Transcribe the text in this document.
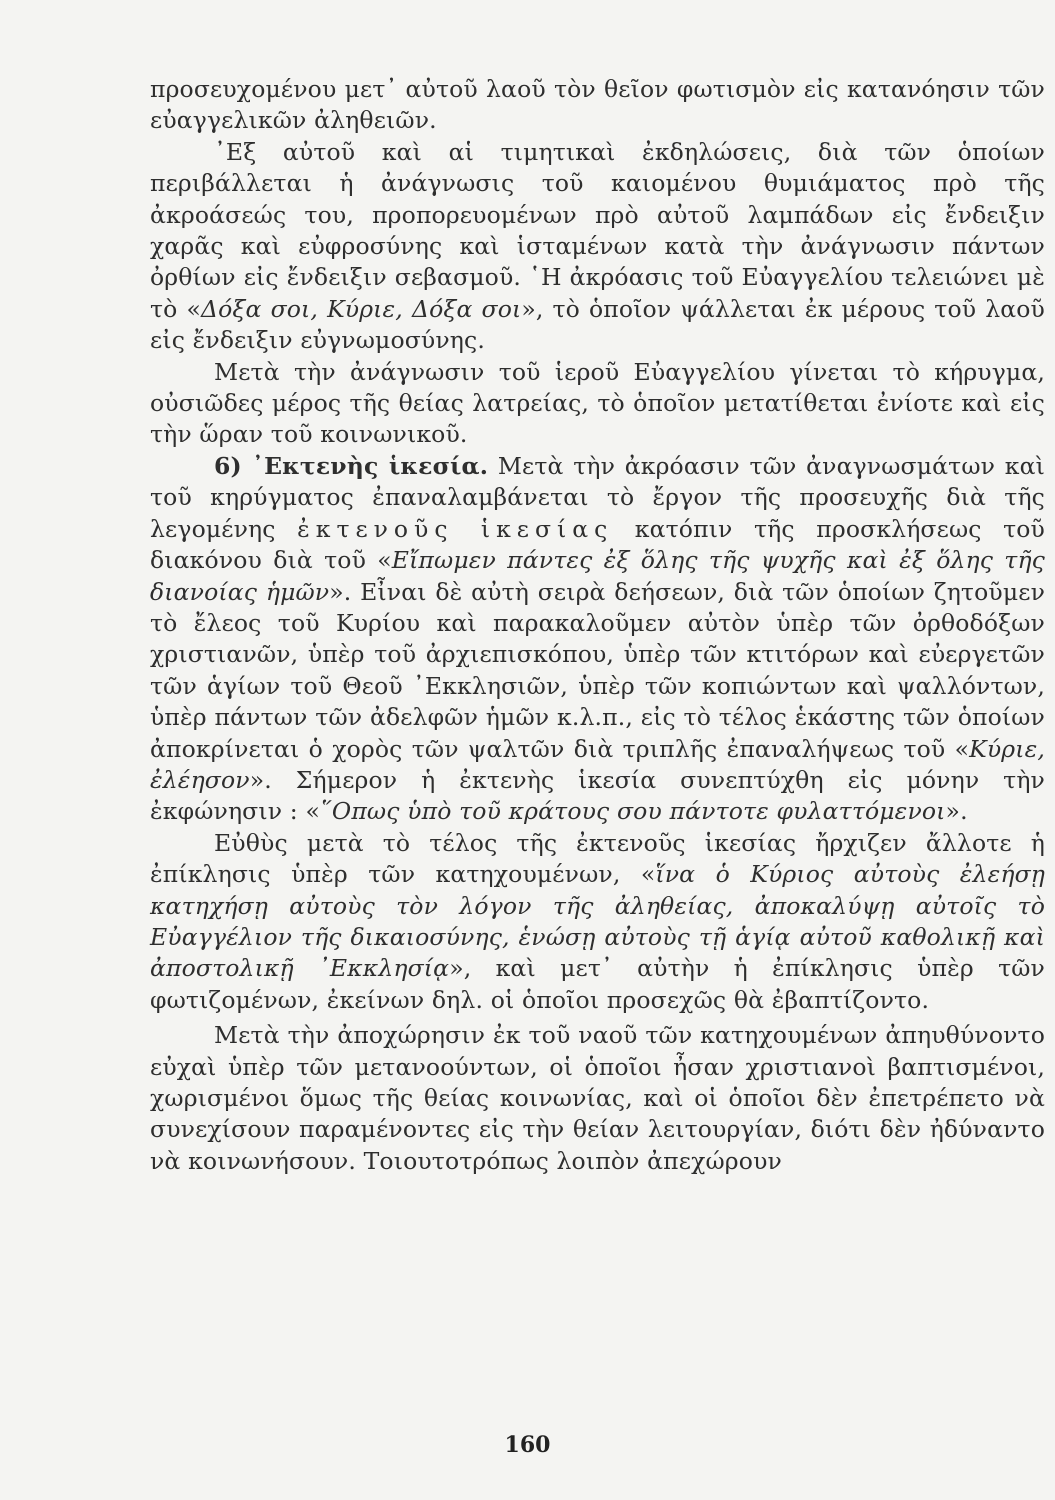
προσευχομένου μετ᾽ αὐτοῦ λαοῦ τὸν θεῖον φωτισμὸν εἰς κατανόησιν τῶν εὐαγγελικῶν ἀληθειῶν.

᾽Εξ αὐτοῦ καὶ αἱ τιμητικαὶ ἐκδηλώσεις, διὰ τῶν ὁποίων περιβάλλεται ἡ ἀνάγνωσις τοῦ καιομένου θυμιάματος πρὸ τῆς ἀκροάσεώς του, προπορευομένων πρὸ αὐτοῦ λαμπάδων εἰς ἔνδειξιν χαρᾶς καὶ εὐφροσύνης καὶ ἱσταμένων κατὰ τὴν ἀνάγνωσιν πάντων ὀρθίων εἰς ἔνδειξιν σεβασμοῦ. ῾Η ἀκρόασις τοῦ Εὐαγγελίου τελειώνει μὲ τὸ «Δόξα σοι, Κύριε, Δόξα σοι», τὸ ὁποῖον ψάλλεται ἐκ μέρους τοῦ λαοῦ εἰς ἔνδειξιν εὐγνωμοσύνης.

Μετὰ τὴν ἀνάγνωσιν τοῦ ἱεροῦ Εὐαγγελίου γίνεται τὸ κήρυγμα, οὐσιῶδες μέρος τῆς θείας λατρείας, τὸ ὁποῖον μετατίθεται ἐνίοτε καὶ εἰς τὴν ὥραν τοῦ κοινωνικοῦ.

6) ᾽Εκτενὴς ἱκεσία. Μετὰ τὴν ἀκρόασιν τῶν ἀναγνωσμάτων καὶ τοῦ κηρύγματος ἐπαναλαμβάνεται τὸ ἔργον τῆς προσευχῆς διὰ τῆς λεγομένης ἐκτενοῦς ἱκεσίας κατόπιν τῆς προσκλήσεως τοῦ διακόνου διὰ τοῦ «Εἴπωμεν πάντες ἐξ ὅλης τῆς ψυχῆς καὶ ἐξ ὅλης τῆς διανοίας ἡμῶν». Εἶναι δὲ αὐτὴ σειρὰ δεήσεων, διὰ τῶν ὁποίων ζητοῦμεν τὸ ἔλεος τοῦ Κυρίου καὶ παρακαλοῦμεν αὐτὸν ὑπὲρ τῶν ὀρθοδόξων χριστιανῶν, ὑπὲρ τοῦ ἀρχιεπισκόπου, ὑπὲρ τῶν κτιτόρων καὶ εὐεργετῶν τῶν ἁγίων τοῦ Θεοῦ ᾽Εκκλησιῶν, ὑπὲρ τῶν κοπιώντων καὶ ψαλλόντων, ὑπὲρ πάντων τῶν ἀδελφῶν ἡμῶν κ.λ.π., εἰς τὸ τέλος ἑκάστης τῶν ὁποίων ἀποκρίνεται ὁ χορὸς τῶν ψαλτῶν διὰ τριπλῆς ἐπαναλήψεως τοῦ «Κύριε, ἐλέησον». Σήμερον ἡ ἐκτενὴς ἱκεσία συνεπτύχθη εἰς μόνην τὴν ἐκφώνησιν : «῞Οπως ὑπὸ τοῦ κράτους σου πάντοτε φυλαττόμενοι».

Εὐθὺς μετὰ τὸ τέλος τῆς ἐκτενοῦς ἱκεσίας ἤρχιζεν ἄλλοτε ἡ ἐπίκλησις ὑπὲρ τῶν κατηχουμένων, «ἵνα ὁ Κύριος αὐτοὺς ἐλεήσῃ κατηχήσῃ αὐτοὺς τὸν λόγον τῆς ἀληθείας, ἀποκαλύψῃ αὐτοῖς τὸ Εὐαγγέλιον τῆς δικαιοσύνης, ἑνώσῃ αὐτοὺς τῇ ἁγίᾳ αὐτοῦ καθολικῇ καὶ ἀποστολικῇ ᾽Εκκλησίᾳ», καὶ μετ᾽ αὐτὴν ἡ ἐπίκλησις ὑπὲρ τῶν φωτιζομένων, ἐκείνων δηλ. οἱ ὁποῖοι προσεχῶς θὰ ἐβαπτίζοντο.

Μετὰ τὴν ἀποχώρησιν ἐκ τοῦ ναοῦ τῶν κατηχουμένων ἀπηυθύνοντο εὐχαὶ ὑπὲρ τῶν μετανοούντων, οἱ ὁποῖοι ἦσαν χριστιανοὶ βαπτισμένοι, χωρισμένοι ὅμως τῆς θείας κοινωνίας, καὶ οἱ ὁποῖοι δὲν ἐπετρέπετο νὰ συνεχίσουν παραμένοντες εἰς τὴν θείαν λειτουργίαν, διότι δὲν ἠδύναντο νὰ κοινωνήσουν. Τοιουτοτρόπως λοιπὸν ἀπεχώρουν

160
